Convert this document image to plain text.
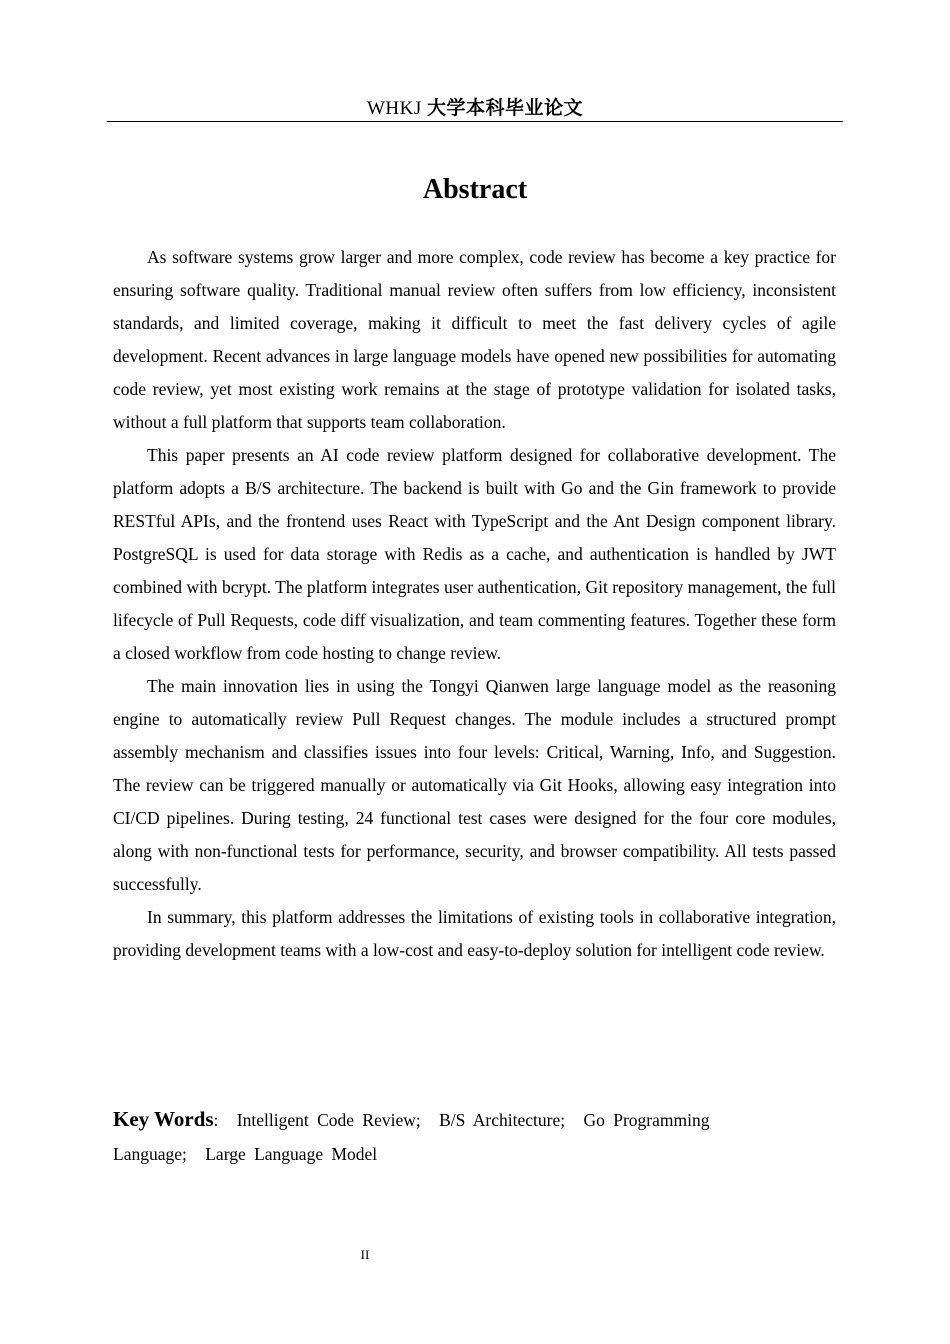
WHKJ 大学本科毕业论文
Abstract

As software systems grow larger and more complex, code review has become a key practice for ensuring software quality. Traditional manual review often suffers from low efficiency, inconsistent standards, and limited coverage, making it difficult to meet the fast delivery cycles of agile development. Recent advances in large language models have opened new possibilities for automating code review, yet most existing work remains at the stage of prototype validation for isolated tasks, without a full platform that supports team collaboration.

This paper presents an AI code review platform designed for collaborative development. The platform adopts a B/S architecture. The backend is built with Go and the Gin framework to provide RESTful APIs, and the frontend uses React with TypeScript and the Ant Design component library. PostgreSQL is used for data storage with Redis as a cache, and authentication is handled by JWT combined with bcrypt. The platform integrates user authentication, Git repository management, the full lifecycle of Pull Requests, code diff visualization, and team commenting features. Together these form a closed workflow from code hosting to change review.

The main innovation lies in using the Tongyi Qianwen large language model as the reasoning engine to automatically review Pull Request changes. The module includes a structured prompt assembly mechanism and classifies issues into four levels: Critical, Warning, Info, and Suggestion. The review can be triggered manually or automatically via Git Hooks, allowing easy integration into CI/CD pipelines. During testing, 24 functional test cases were designed for the four core modules, along with non-functional tests for performance, security, and browser compatibility. All tests passed successfully.

In summary, this platform addresses the limitations of existing tools in collaborative integration, providing development teams with a low-cost and easy-to-deploy solution for intelligent code review.

Key Words: Intelligent Code Review; B/S Architecture; Go Programming Language; Large Language Model
II
